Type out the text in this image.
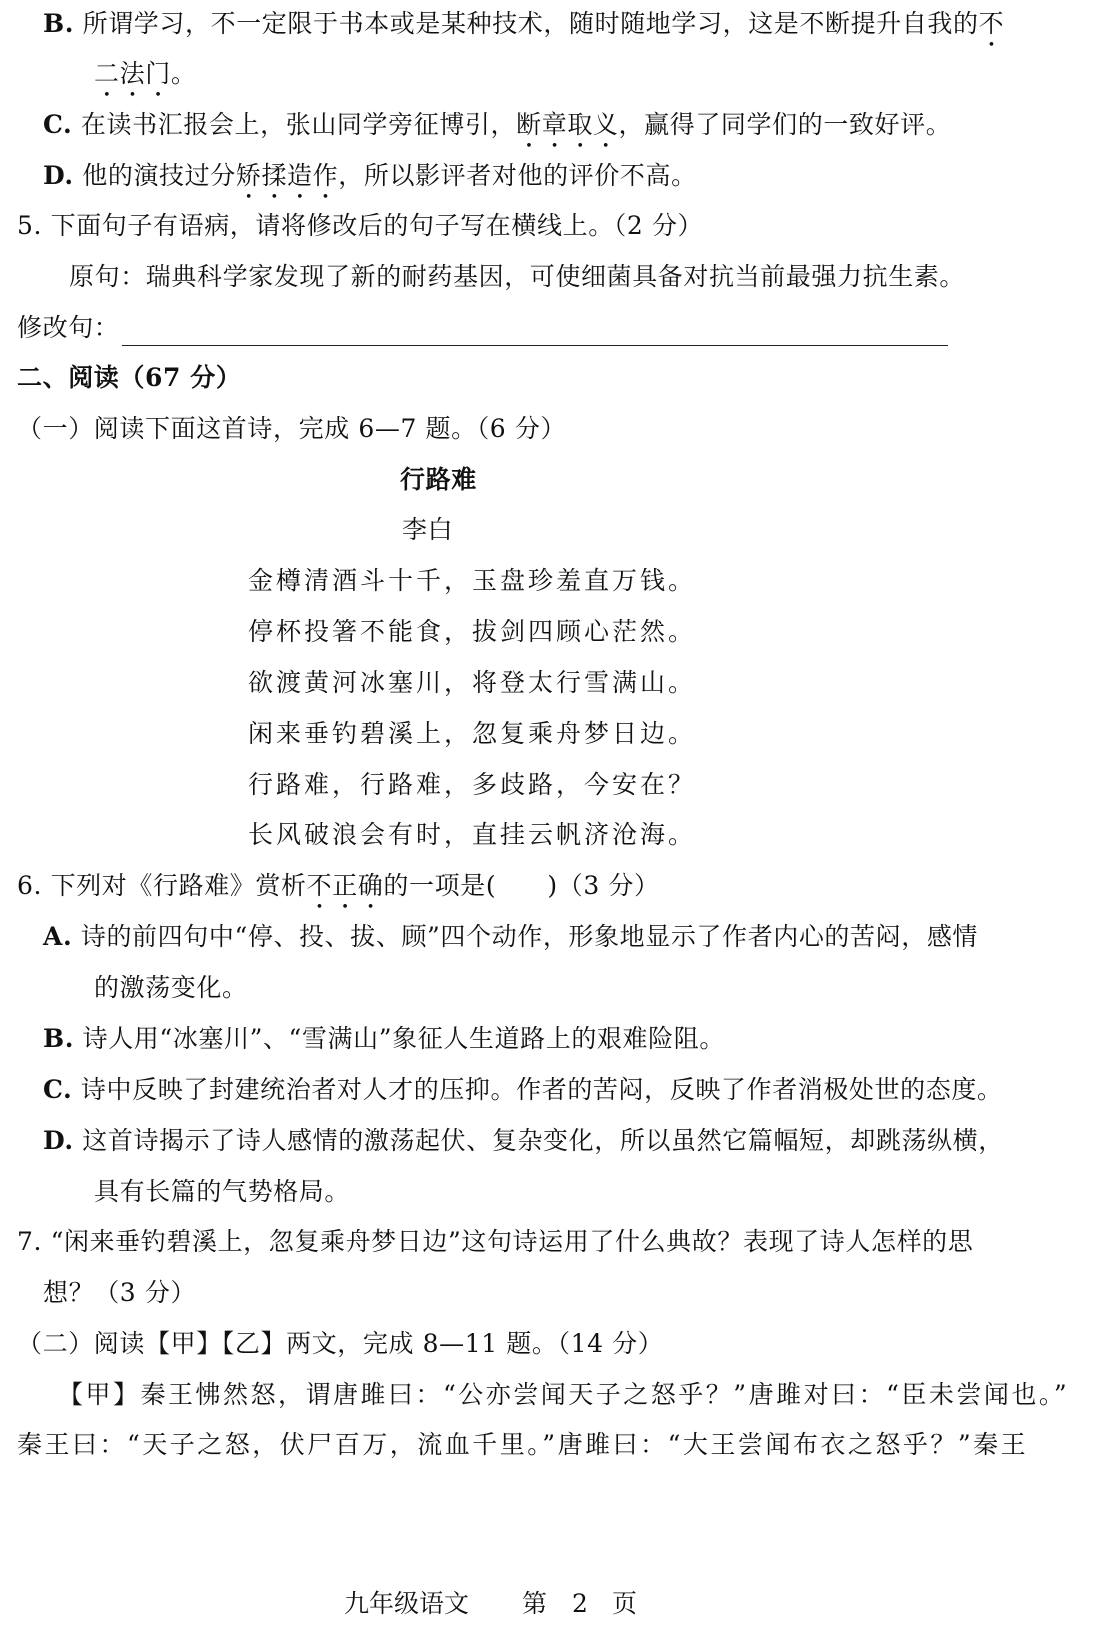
B. 所谓学习，不一定限于书本或是某种技术，随时随地学习，这是不断提升自我的不
二法门。
C. 在读书汇报会上，张山同学旁征博引，断章取义，赢得了同学们的一致好评。
D. 他的演技过分矫揉造作，所以影评者对他的评价不高。
5. 下面句子有语病，请将修改后的句子写在横线上。（2 分）
原句：瑞典科学家发现了新的耐药基因，可使细菌具备对抗当前最强力抗生素。
修改句：
二、阅读（67 分）
（一）阅读下面这首诗，完成 6—7 题。（6 分）
行路难
李白
金樽清酒斗十千，玉盘珍羞直万钱。
停杯投箸不能食，拔剑四顾心茫然。
欲渡黄河冰塞川，将登太行雪满山。
闲来垂钓碧溪上，忽复乘舟梦日边。
行路难，行路难，多歧路，今安在？
长风破浪会有时，直挂云帆济沧海。
6. 下列对《行路难》赏析不正确的一项是(　　)（3 分）
A. 诗的前四句中“停、投、拔、顾”四个动作，形象地显示了作者内心的苦闷，感情
的激荡变化。
B. 诗人用“冰塞川”、“雪满山”象征人生道路上的艰难险阻。
C. 诗中反映了封建统治者对人才的压抑。作者的苦闷，反映了作者消极处世的态度。
D. 这首诗揭示了诗人感情的激荡起伏、复杂变化，所以虽然它篇幅短，却跳荡纵横，
具有长篇的气势格局。
7. “闲来垂钓碧溪上，忽复乘舟梦日边”这句诗运用了什么典故？表现了诗人怎样的思
想？（3 分）
（二）阅读【甲】【乙】两文，完成 8—11 题。（14 分）
【甲】秦王怫然怒，谓唐雎曰：“公亦尝闻天子之怒乎？”唐雎对曰：“臣未尝闻也。”
秦王曰：“天子之怒，伏尸百万，流血千里。”唐雎曰：“大王尝闻布衣之怒乎？”秦王
九年级语文 第 2 页
